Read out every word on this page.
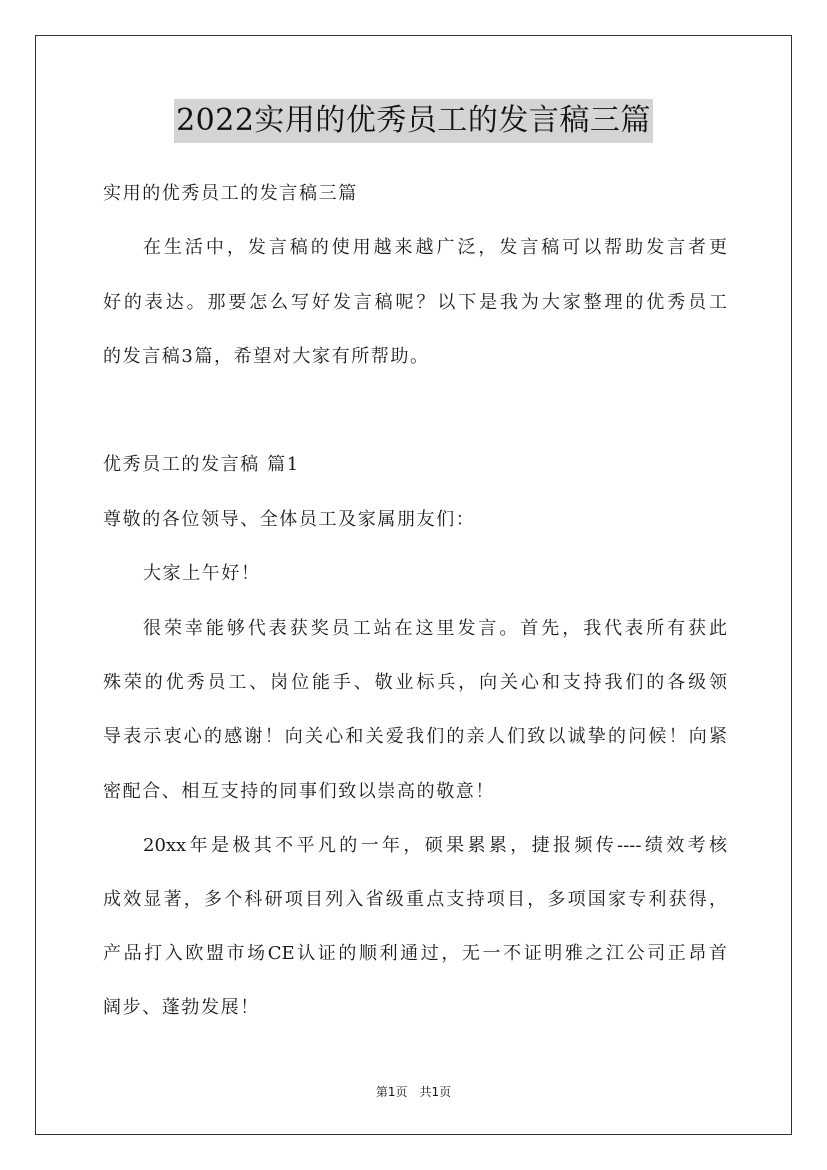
2022实用的优秀员工的发言稿三篇
实用的优秀员工的发言稿三篇
在生活中，发言稿的使用越来越广泛，发言稿可以帮助发言者更
好的表达。那要怎么写好发言稿呢？以下是我为大家整理的优秀员工
的发言稿3篇，希望对大家有所帮助。
优秀员工的发言稿 篇1
尊敬的各位领导、全体员工及家属朋友们：
大家上午好！
很荣幸能够代表获奖员工站在这里发言。首先，我代表所有获此
殊荣的优秀员工、岗位能手、敬业标兵，向关心和支持我们的各级领
导表示衷心的感谢！向关心和关爱我们的亲人们致以诚挚的问候！向紧
密配合、相互支持的同事们致以崇高的敬意！
20xx年是极其不平凡的一年，硕果累累，捷报频传----绩效考核
成效显著，多个科研项目列入省级重点支持项目，多项国家专利获得，
产品打入欧盟市场CE认证的顺利通过，无一不证明雅之江公司正昂首
阔步、蓬勃发展！
第1页　共1页
